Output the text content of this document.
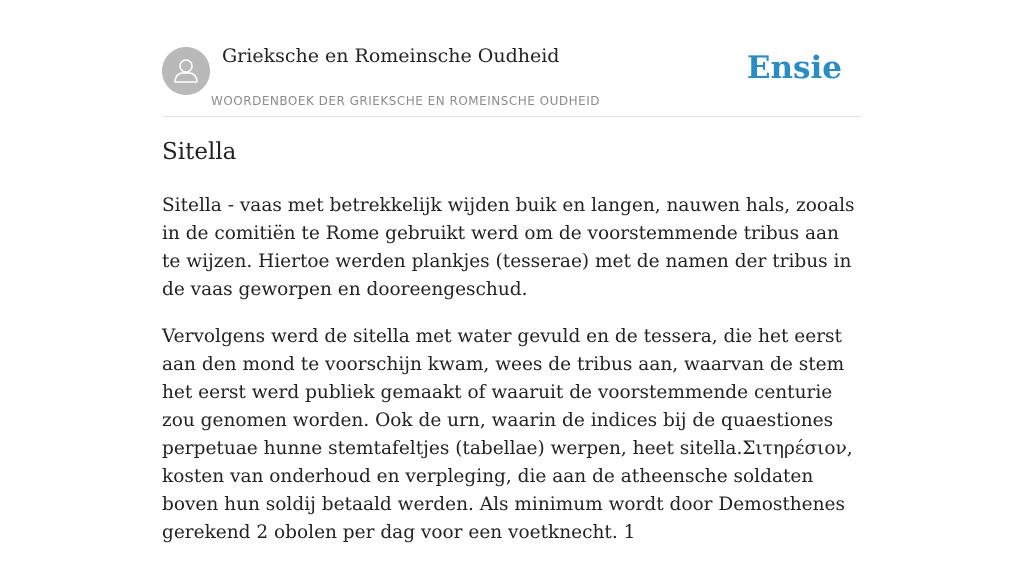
Grieksche en Romeinsche Oudheid
WOORDENBOEK DER GRIEKSCHE EN ROMEINSCHE OUDHEID
Ensie
Sitella

Sitella - vaas met betrekkelijk wijden buik en langen, nauwen hals, zooals in de comitiën te Rome gebruikt werd om de voorstemmende tribus aan te wijzen. Hiertoe werden plankjes (tesserae) met de namen der tribus in de vaas geworpen en dooreengeschud.

Vervolgens werd de sitella met water gevuld en de tessera, die het eerst aan den mond te voorschijn kwam, wees de tribus aan, waarvan de stem het eerst werd publiek gemaakt of waaruit de voorstemmende centurie zou genomen worden. Ook de urn, waarin de indices bij de quaestiones perpetuae hunne stemtafeltjes (tabellae) werpen, heet sitella.Σιτηρέσιον, kosten van onderhoud en verpleging, die aan de atheensche soldaten boven hun soldij betaald werden. Als minimum wordt door Demosthenes gerekend 2 obolen per dag voor een voetknecht. 1
